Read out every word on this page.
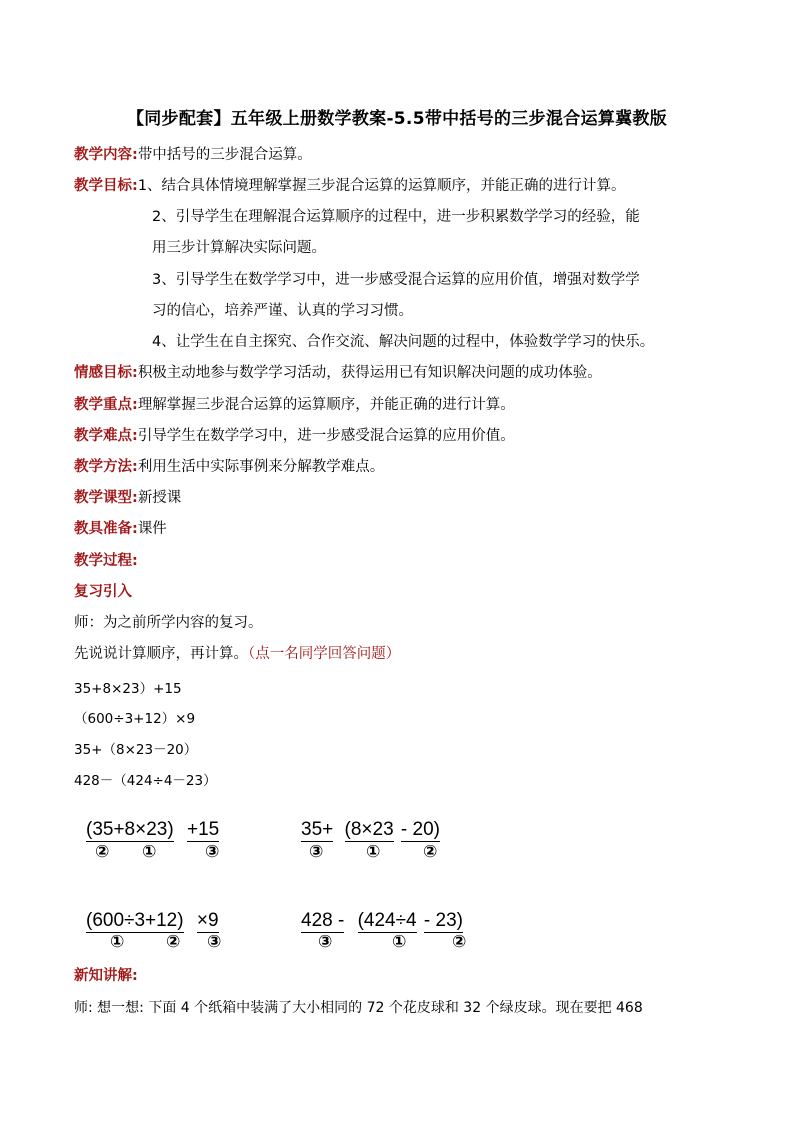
【同步配套】五年级上册数学教案-5.5带中括号的三步混合运算冀教版
教学内容:带中括号的三步混合运算。
教学目标:1、结合具体情境理解掌握三步混合运算的运算顺序，并能正确的进行计算。
2、引导学生在理解混合运算顺序的过程中，进一步积累数学学习的经验，能
用三步计算解决实际问题。
3、引导学生在数学学习中，进一步感受混合运算的应用价值，增强对数学学
习的信心，培养严谨、认真的学习习惯。
4、让学生在自主探究、合作交流、解决问题的过程中，体验数学学习的快乐。
情感目标:积极主动地参与数学学习活动，获得运用已有知识解决问题的成功体验。
教学重点:理解掌握三步混合运算的运算顺序，并能正确的进行计算。
教学难点:引导学生在数学学习中，进一步感受混合运算的应用价值。
教学方法:利用生活中实际事例来分解教学难点。
教学课型:新授课
教具准备:课件
教学过程:
复习引入
师：为之前所学内容的复习。
先说说计算顺序，再计算。（点一名同学回答问题）
35+8×23）+15
（600÷3+12）×9
35+（8×23－20）
428－（424÷4－23）
(35+8×23) +15
② ①	③
35+ (8×23 - 20)
③	①	②
(600÷3+12) ×9
① ② ③
428 - (424÷4 - 23)
③	①	②
新知讲解:
师: 想一想: 下面 4 个纸箱中装满了大小相同的 72 个花皮球和 32 个绿皮球。现在要把 468
